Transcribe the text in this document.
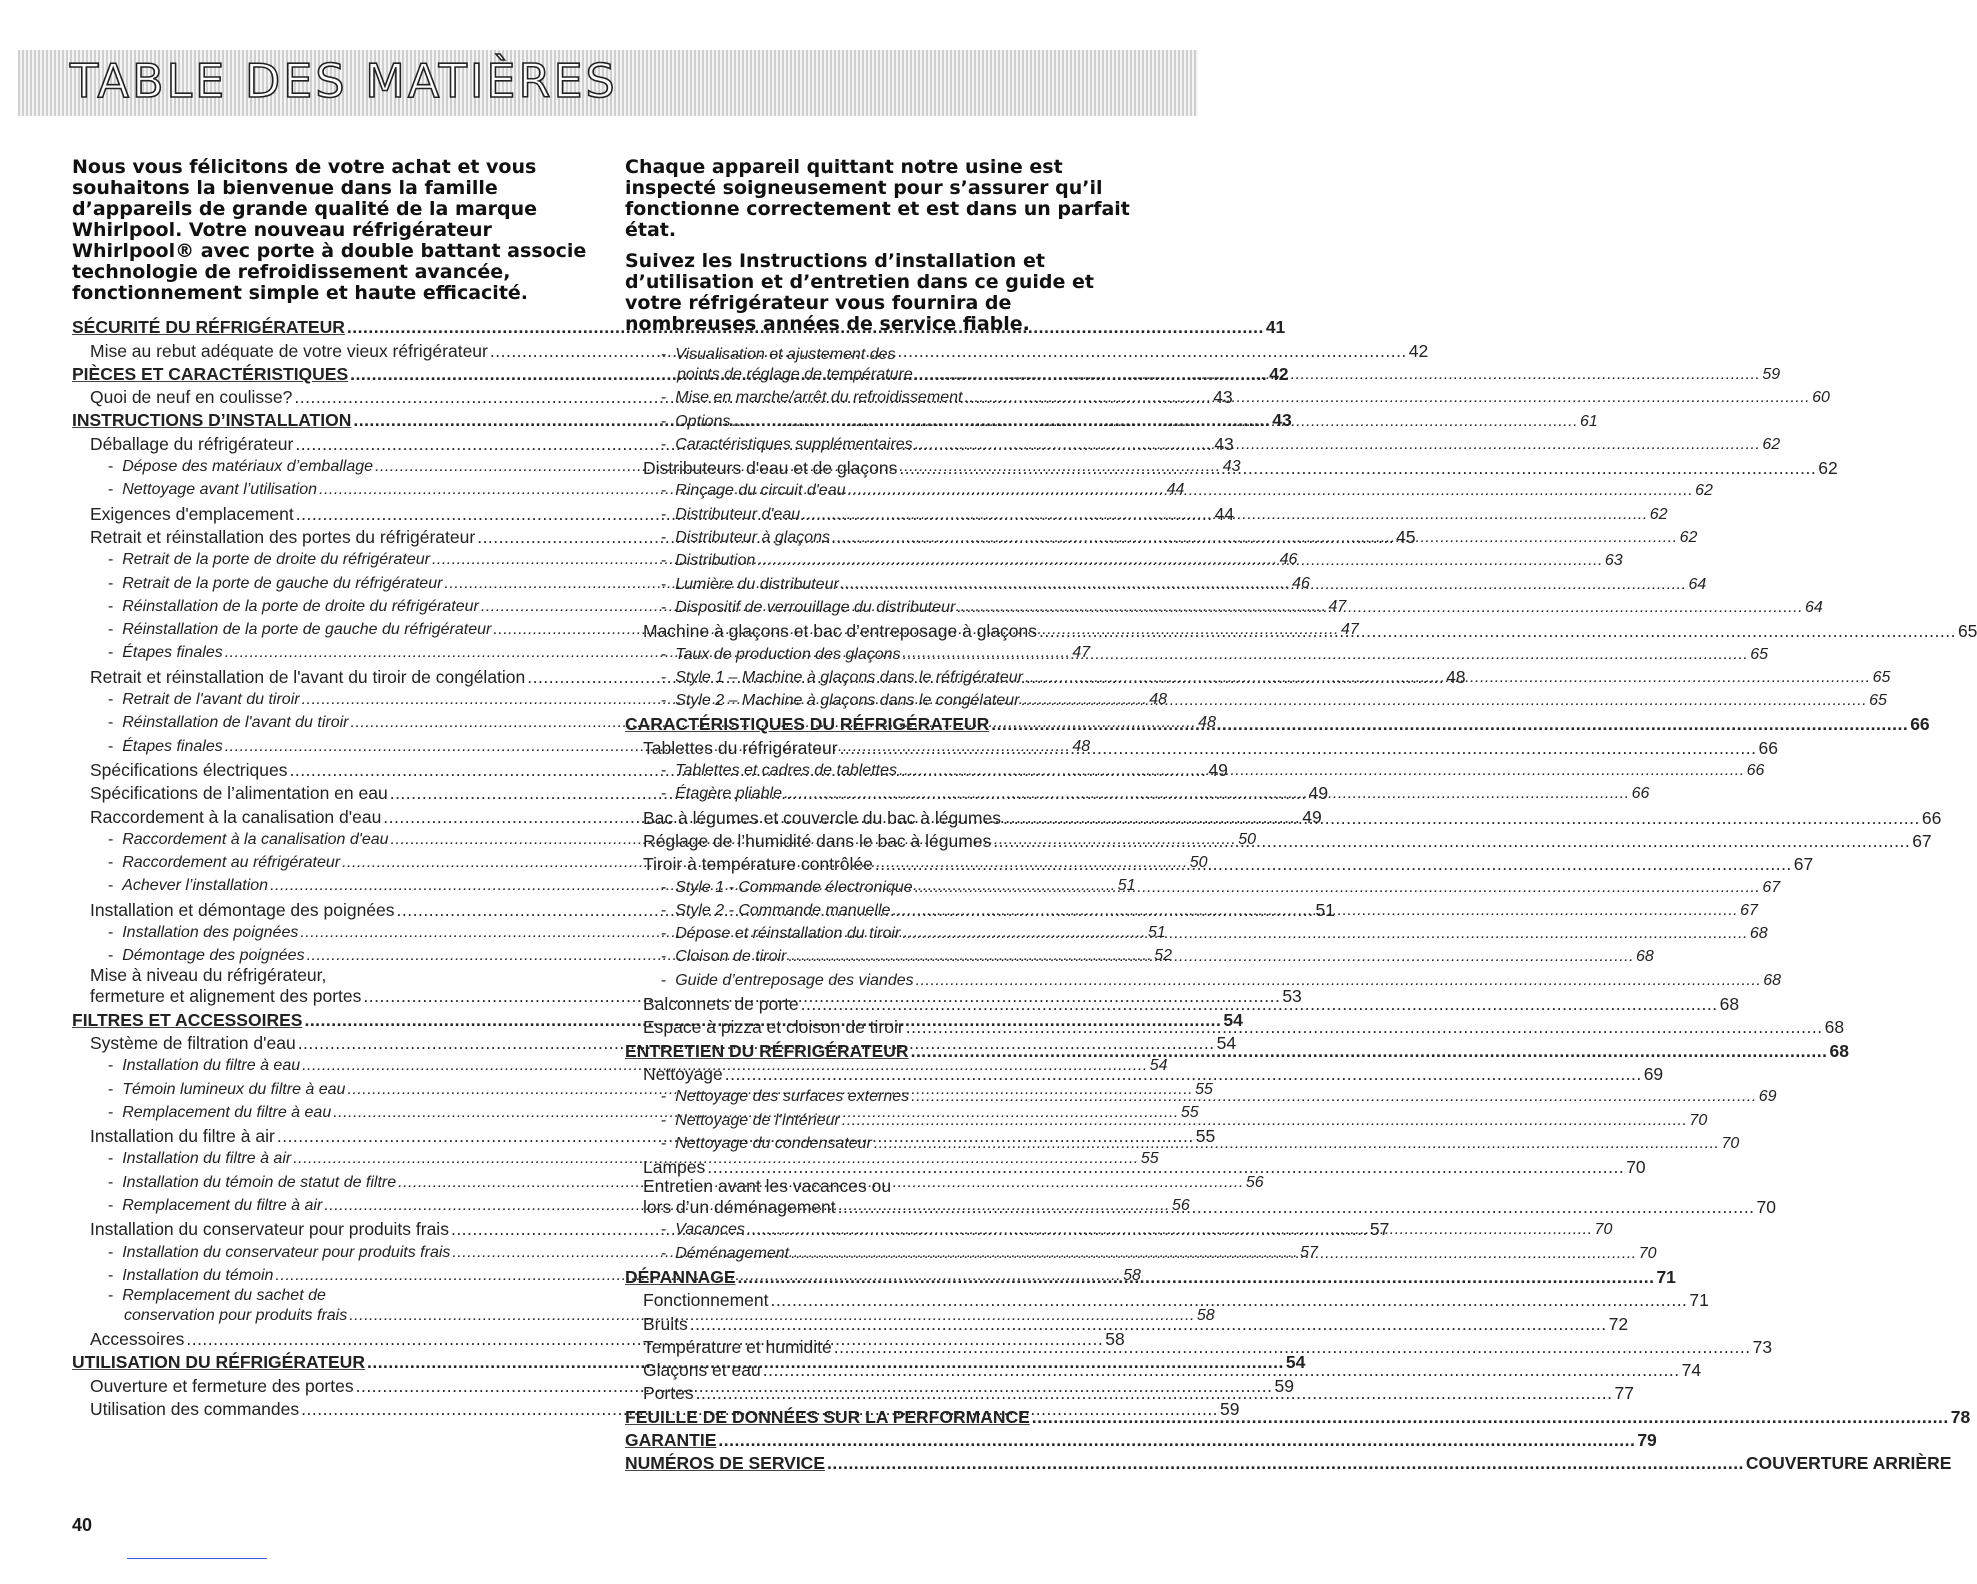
TABLE DES MATIÈRES

Nous vous félicitons de votre achat et vous souhaitons la bienvenue dans la famille d’appareils de grande qualité de la marque Whirlpool. Votre nouveau réfrigérateur Whirlpool® avec porte à double battant associe technologie de refroidissement avancée, fonctionnement simple et haute efficacité.

SÉCURITÉ DU RÉFRIGÉRATEUR .....	41
Mise au rebut adéquate de votre vieux réfrigérateur .....	42
PIÈCES ET CARACTÉRISTIQUES .....	42
Quoi de neuf en coulisse? .....	43
INSTRUCTIONS D’INSTALLATION .....	43
Déballage du réfrigérateur .....	43
- Dépose des matériaux d’emballage .....	43
- Nettoyage avant l’utilisation .....	44
Exigences d'emplacement .....	44
Retrait et réinstallation des portes du réfrigérateur .....	45
- Retrait de la porte de droite du réfrigérateur .....	46
- Retrait de la porte de gauche du réfrigérateur .....	46
- Réinstallation de la porte de droite du réfrigérateur .....	47
- Réinstallation de la porte de gauche du réfrigérateur .....	47
- Étapes finales .....	47
Retrait et réinstallation de l'avant du tiroir de congélation .....	48
- Retrait de l'avant du tiroir .....	48
- Réinstallation de l'avant du tiroir .....	48
- Étapes finales .....	48
Spécifications électriques .....	49
Spécifications de l’alimentation en eau .....	49
Raccordement à la canalisation d'eau .....	49
- Raccordement à la canalisation d'eau .....	50
- Raccordement au réfrigérateur .....	50
- Achever l’installation .....	51
Installation et démontage des poignées .....	51
- Installation des poignées .....	51
- Démontage des poignées .....	52
Mise à niveau du réfrigérateur,
fermeture et alignement des portes .....	53
FILTRES ET ACCESSOIRES .....	54
Système de filtration d'eau .....	54
- Installation du filtre à eau .....	54
- Témoin lumineux du filtre à eau .....	55
- Remplacement du filtre à eau .....	55
Installation du filtre à air .....	55
- Installation du filtre à air .....	55
- Installation du témoin de statut de filtre .....	56
- Remplacement du filtre à air .....	56
Installation du conservateur pour produits frais .....	57
- Installation du conservateur pour produits frais .....	57
- Installation du témoin .....	58
- Remplacement du sachet de
conservation pour produits frais .....	58
Accessoires .....	58
UTILISATION DU RÉFRIGÉRATEUR .....	54
Ouverture et fermeture des portes .....	59
Utilisation des commandes .....	59

Chaque appareil quittant notre usine est inspecté soigneusement pour s’assurer qu’il fonctionne correctement et est dans un parfait état.

Suivez les Instructions d’installation et d’utilisation et d’entretien dans ce guide et votre réfrigérateur vous fournira de nombreuses années de service fiable.

- Visualisation et ajustement des
points de réglage de température .....	59
- Mise en marche/arrêt du refroidissement .....	60
- Options .....	61
- Caractéristiques supplémentaires .....	62
Distributeurs d'eau et de glaçons .....	62
- Rinçage du circuit d'eau .....	62
- Distributeur d'eau .....	62
- Distributeur à glaçons .....	62
- Distribution .....	63
- Lumière du distributeur .....	64
- Dispositif de verrouillage du distributeur .....	64
Machine à glaçons et bac d’entreposage à glaçons .....	65
- Taux de production des glaçons .....	65
- Style 1 – Machine à glaçons dans le réfrigérateur .....	65
- Style 2 – Machine à glaçons dans le congélateur .....	65
CARACTÉRISTIQUES DU RÉFRIGÉRATEUR .....	66
Tablettes du réfrigérateur .....	66
- Tablettes et cadres de tablettes .....	66
- Étagère pliable .....	66
Bac à légumes et couvercle du bac à légumes .....	66
Réglage de l’humidité dans le bac à légumes .....	67
Tiroir à température contrôlée .....	67
- Style 1 - Commande électronique .....	67
- Style 2 - Commande manuelle .....	67
- Dépose et réinstallation du tiroir .....	68
- Cloison de tiroir .....	68
- Guide d’entreposage des viandes .....	68
Balconnets de porte .....	68
Espace à pizza et cloison de tiroir .....	68
ENTRETIEN DU RÉFRIGÉRATEUR .....	68
Nettoyage .....	69
- Nettoyage des surfaces externes .....	69
- Nettoyage de l’intérieur .....	70
- Nettoyage du condensateur .....	70
Lampes .....	70
Entretien avant les vacances ou
lors d’un déménagement .....	70
- Vacances .....	70
- Déménagement .....	70
DÉPANNAGE .....	71
Fonctionnement .....	71
Bruits .....	72
Température et humidité .....	73
Glaçons et eau .....	74
Portes .....	77
FEUILLE DE DONNÉES SUR LA PERFORMANCE .....	78
GARANTIE .....	79
NUMÉROS DE SERVICE .....	COUVERTURE ARRIÈRE
40
